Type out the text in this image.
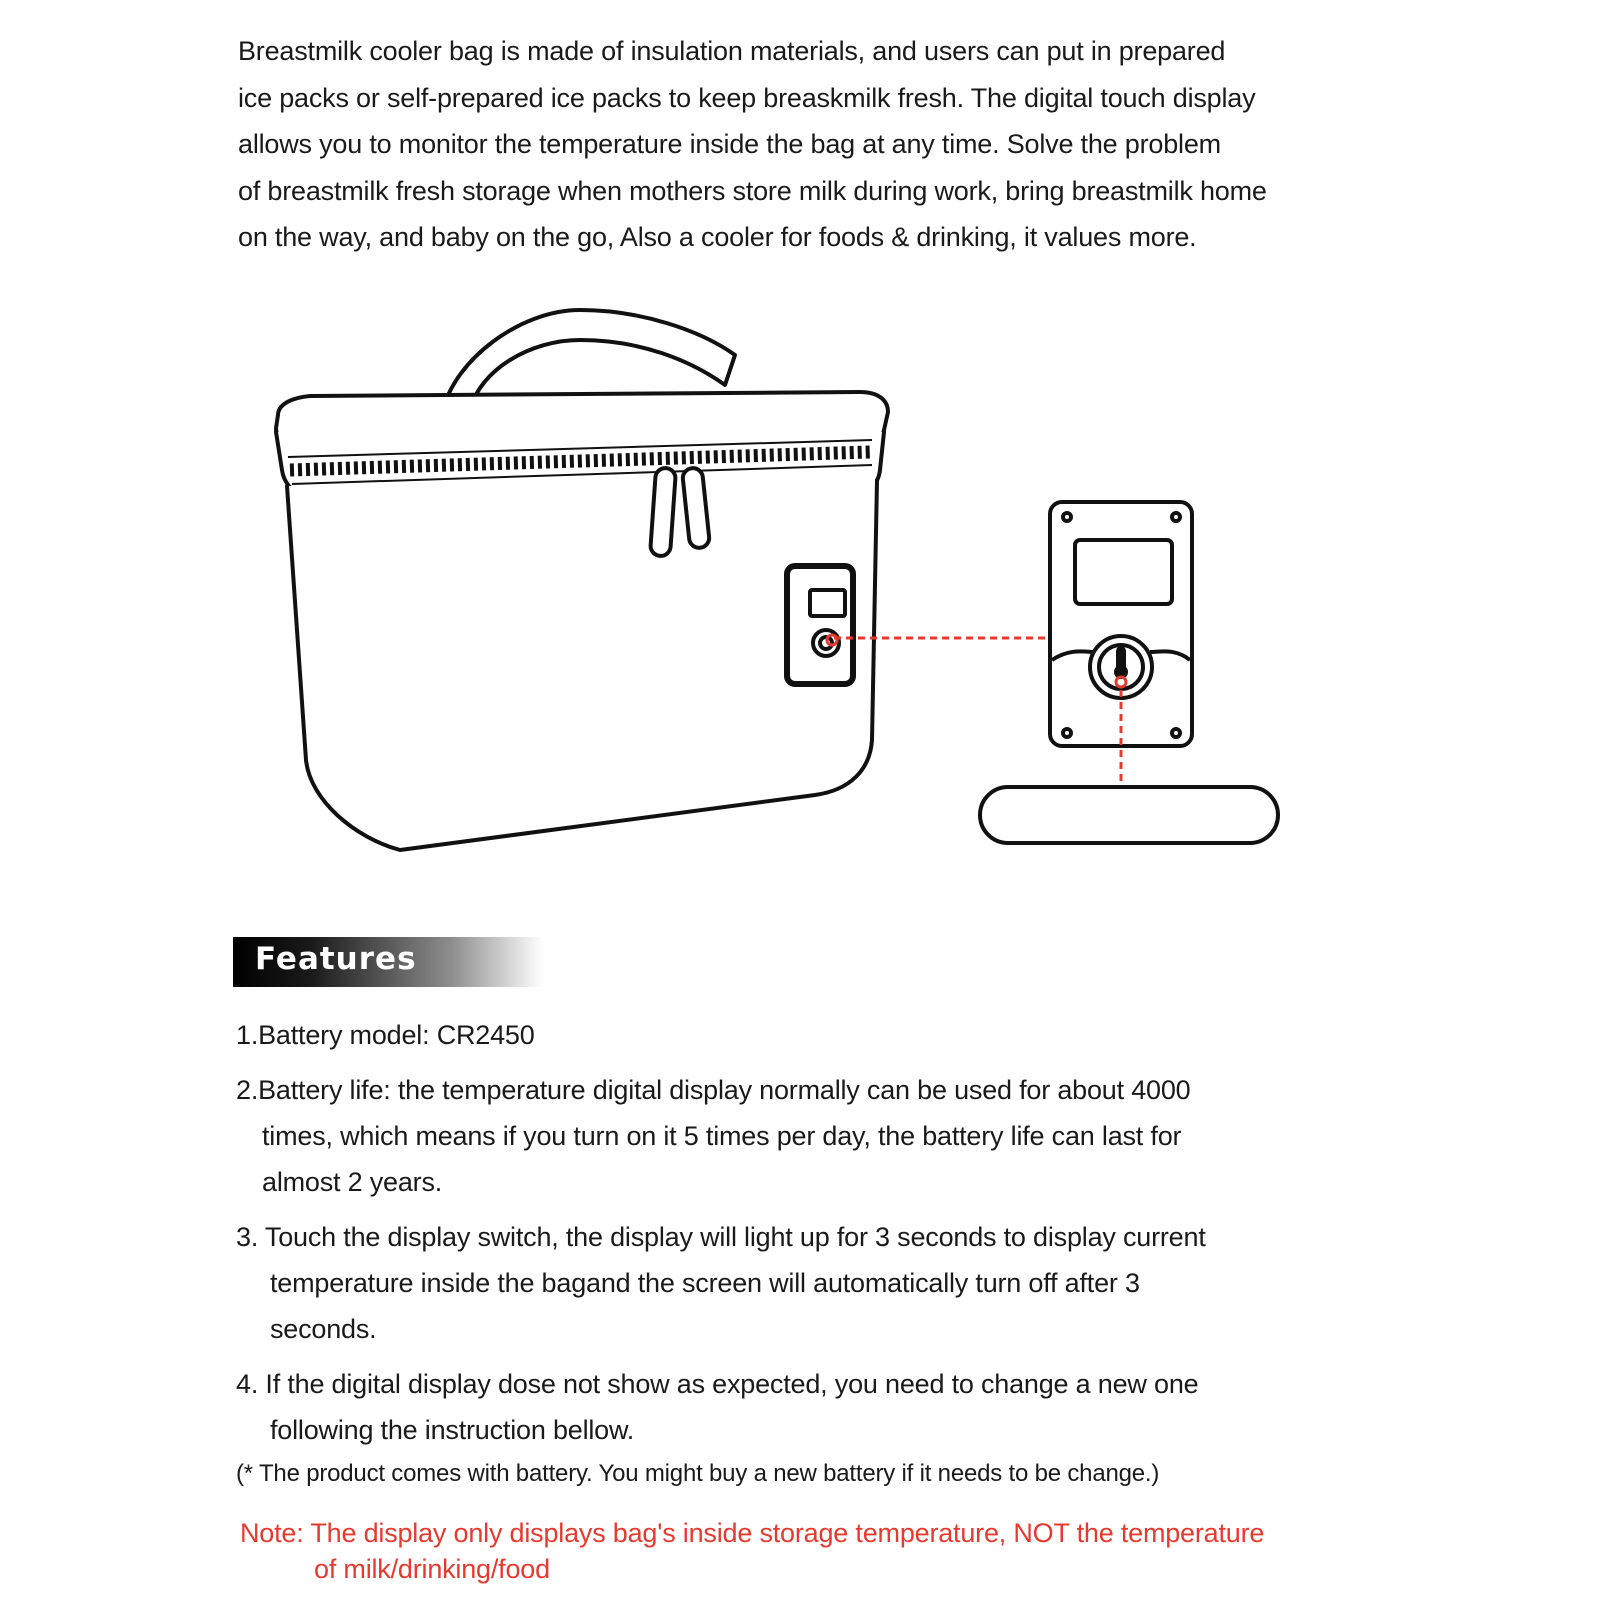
Breastmilk cooler bag is made of insulation materials, and users can put in prepared
ice packs or self-prepared ice packs to keep breaskmilk fresh. The digital touch display
allows you to monitor the temperature inside the bag at any time. Solve the problem
of breastmilk fresh storage when mothers store milk during work, bring breastmilk home
on the way, and baby on the go, Also a cooler for foods & drinking, it values more.
Features
1.Battery model: CR2450
2.Battery life: the temperature digital display normally can be used for about 4000
times, which means if you turn on it 5 times per day, the battery life can last for
almost 2 years.
3. Touch the display switch, the display will light up for 3 seconds to display current
temperature inside the bagand the screen will automatically turn off after 3
seconds.
4. If the digital display dose not show as expected, you need to change a new one
following the instruction bellow.
(* The product comes with battery. You might buy a new battery if it needs to be change.)
Note: The display only displays bag's inside storage temperature, NOT the temperature
of milk/drinking/food
